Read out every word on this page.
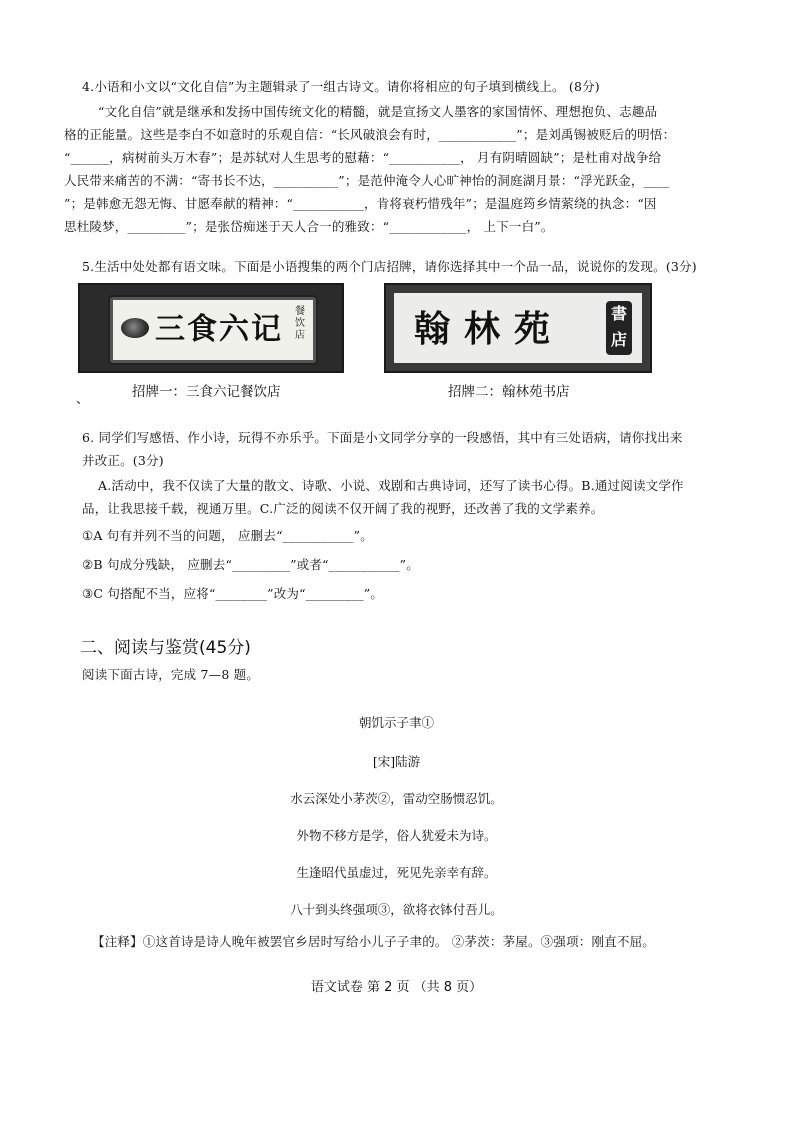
4.小语和小文以“文化自信”为主题辑录了一组古诗文。请你将相应的句子填到横线上。 (8分)
“文化自信”就是继承和发扬中国传统文化的精髓，就是宣扬文人墨客的家国情怀、理想抱负、志趣品
格的正能量。这些是李白不如意时的乐观自信：“长风破浪会有时，____________”；是刘禹锡被贬后的明悟：
“______，病树前头万木春”；是苏轼对人生思考的慰藉：“___________， 月有阴晴圆缺”；是杜甫对战争给
人民带来痛苦的不满：“寄书长不达，__________”；是范仲淹令人心旷神怡的洞庭湖月景：“浮光跃金，____
”；是韩愈无怨无悔、甘愿奉献的精神：“___________，肯将衰朽惜残年”；是温庭筠乡情萦绕的执念：“因
思杜陵梦，_________”；是张岱痴迷于天人合一的雅致：“____________， 上下一白”。
5.生活中处处都有语文味。下面是小语搜集的两个门店招牌，请你选择其中一个品一品，说说你的发现。(3分)
三食六记
餐饮店	翰林苑	書店
、	招牌一：三食六记餐饮店	招牌二：翰林苑书店
6. 同学们写感悟、作小诗，玩得不亦乐乎。下面是小文同学分享的一段感悟，其中有三处语病，请你找出来
并改正。(3分)
A.活动中，我不仅读了大量的散文、诗歌、小说、戏剧和古典诗词，还写了读书心得。B.通过阅读文学作
品，让我思接千载，视通万里。C.广泛的阅读不仅开阔了我的视野，还改善了我的文学素养。
①A 句有并列不当的问题， 应删去“___________”。
②B 句成分残缺， 应删去“_________”或者“___________”。
③C 句搭配不当，应将“________”改为“_________”。
二、阅读与鉴赏(45分)
阅读下面古诗，完成 7—8 题。
朝饥示子聿①
[宋]陆游
水云深处小茅茨②，雷动空肠惯忍饥。
外物不移方是学，俗人犹爱未为诗。
生逢昭代虽虚过，死见先亲幸有辞。
八十到头终强项③，欲将衣钵付吾儿。
【注释】①这首诗是诗人晚年被罢官乡居时写给小儿子子聿的。 ②茅茨：茅屋。③强项：刚直不屈。
语文试卷 第 2 页 （共 8 页）
